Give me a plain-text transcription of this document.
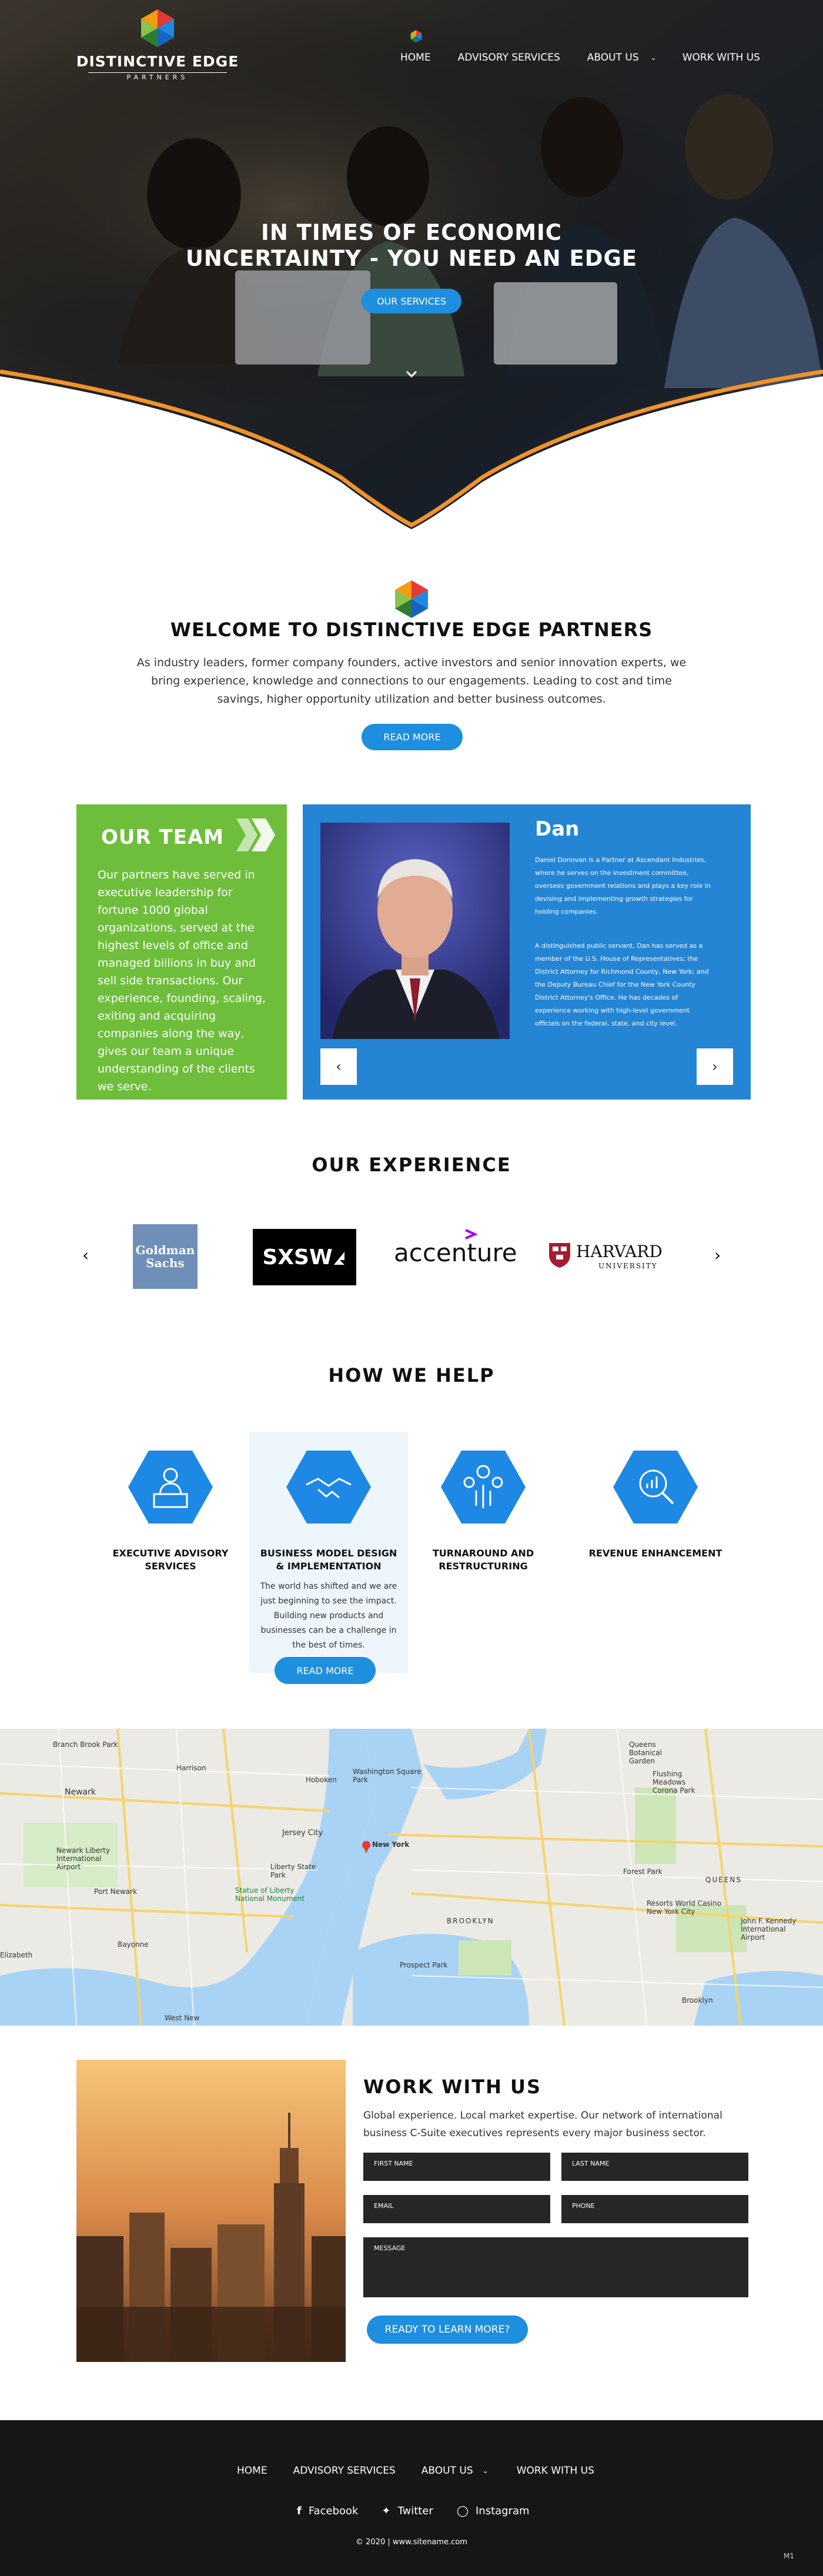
DISTINCTIVE EDGE
PARTNERS
HOME	ADVISORY SERVICES	ABOUT US ⌄	WORK WITH US
IN TIMES OF ECONOMIC
UNCERTAINTY - YOU NEED AN EDGE
OUR SERVICES
WELCOME TO DISTINCTIVE EDGE PARTNERS

As industry leaders, former company founders, active investors and senior innovation experts, we bring experience, knowledge and connections to our engagements. Leading to cost and time savings, higher opportunity utilization and better business outcomes.

READ MORE
OUR TEAM

Our partners have served in executive leadership for fortune 1000 global organizations, served at the highest levels of office and managed billions in buy and sell side transactions. Our experience, founding, scaling, exiting and acquiring companies along the way, gives our team a unique understanding of the clients we serve.

Dan

Daniel Donovan is a Partner at Ascendant Industries, where he serves on the investment committee, oversees government relations and plays a key role in devising and implementing growth strategies for holding companies.

A distinguished public servant, Dan has served as a member of the U.S. House of Representatives; the District Attorney for Richmond County, New York; and the Deputy Bureau Chief for the New York County District Attorney's Office. He has decades of experience working with high-level government officials on the federal, state, and city level.

‹	›
OUR EXPERIENCE
‹	›
Goldman
Sachs	SXSW accenture	HARVARD
UNIVERSITY
HOW WE HELP
EXECUTIVE ADVISORY
SERVICES
BUSINESS MODEL DESIGN
& IMPLEMENTATION
TURNAROUND AND
RESTRUCTURING
REVENUE ENHANCEMENT

The world has shifted and we are just beginning to see the impact. Building new products and businesses can be a challenge in the best of times.

READ MORE
Branch Brook Park
Newark
Harrison
Hoboken
Washington Square Park
Jersey City
New York
Liberty State Park
Statue of Liberty National Monument
Port Newark
Bayonne
Elizabeth
BROOKLYN
Prospect Park
QUEENS
Queens Botanical Garden
Flushing Meadows Corona Park
Forest Park
Resorts World Casino New York City
John F. Kennedy International Airport
West New
Newark Liberty International Airport
Brooklyn
WORK WITH US

Global experience. Local market expertise. Our network of international business C-Suite executives represents every major business sector.

FIRST NAME	LAST NAME
EMAIL	PHONE
MESSAGE
READY TO LEARN MORE?
HOME	ADVISORY SERVICES	ABOUT US ⌄	WORK WITH US
f Facebook ✦ Twitter ◯ Instagram
© 2020 | www.sitename.com
M1
